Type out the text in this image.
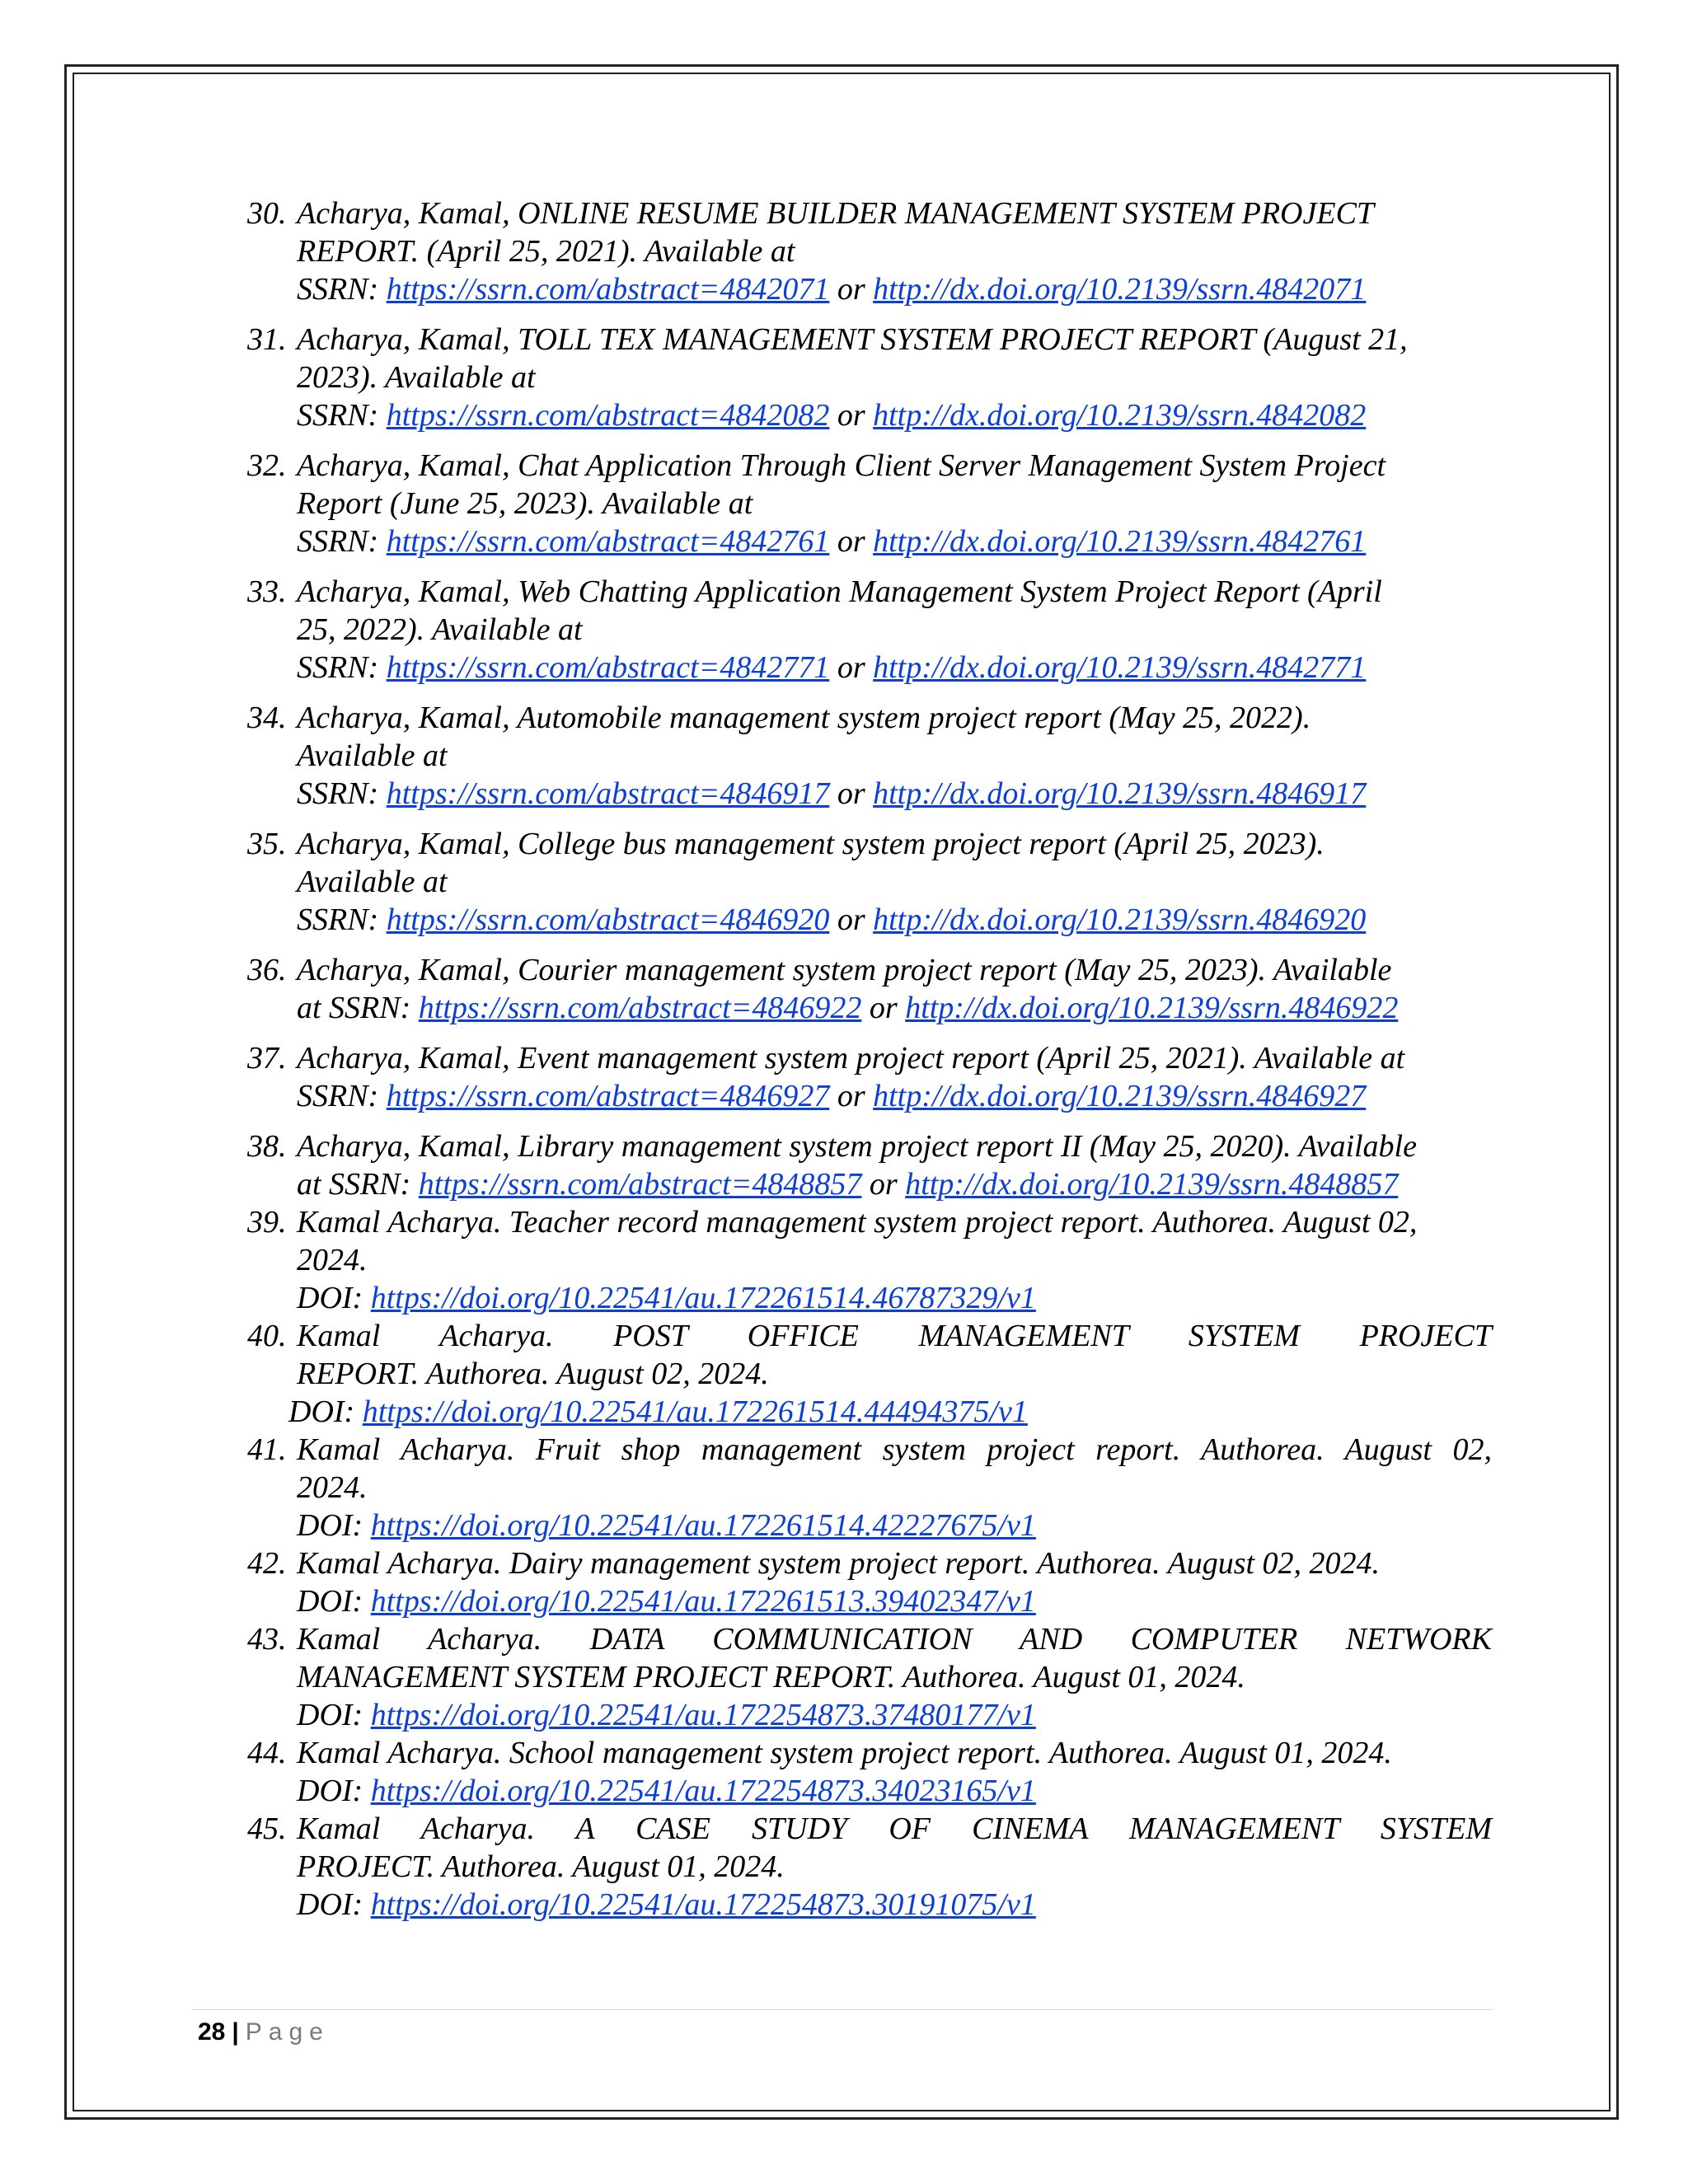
30. Acharya, Kamal, ONLINE RESUME BUILDER MANAGEMENT SYSTEM PROJECT
REPORT. (April 25, 2021). Available at
SSRN: https://ssrn.com/abstract=4842071 or http://dx.doi.org/10.2139/ssrn.4842071
31. Acharya, Kamal, TOLL TEX MANAGEMENT SYSTEM PROJECT REPORT (August 21,
2023). Available at
SSRN: https://ssrn.com/abstract=4842082 or http://dx.doi.org/10.2139/ssrn.4842082
32. Acharya, Kamal, Chat Application Through Client Server Management System Project
Report (June 25, 2023). Available at
SSRN: https://ssrn.com/abstract=4842761 or http://dx.doi.org/10.2139/ssrn.4842761
33. Acharya, Kamal, Web Chatting Application Management System Project Report (April
25, 2022). Available at
SSRN: https://ssrn.com/abstract=4842771 or http://dx.doi.org/10.2139/ssrn.4842771
34. Acharya, Kamal, Automobile management system project report (May 25, 2022).
Available at
SSRN: https://ssrn.com/abstract=4846917 or http://dx.doi.org/10.2139/ssrn.4846917
35. Acharya, Kamal, College bus management system project report (April 25, 2023).
Available at
SSRN: https://ssrn.com/abstract=4846920 or http://dx.doi.org/10.2139/ssrn.4846920
36. Acharya, Kamal, Courier management system project report (May 25, 2023). Available
at SSRN: https://ssrn.com/abstract=4846922 or http://dx.doi.org/10.2139/ssrn.4846922
37. Acharya, Kamal, Event management system project report (April 25, 2021). Available at
SSRN: https://ssrn.com/abstract=4846927 or http://dx.doi.org/10.2139/ssrn.4846927
38. Acharya, Kamal, Library management system project report II (May 25, 2020). Available
at SSRN: https://ssrn.com/abstract=4848857 or http://dx.doi.org/10.2139/ssrn.4848857
39. Kamal Acharya. Teacher record management system project report. Authorea. August 02,
2024.
DOI: https://doi.org/10.22541/au.172261514.46787329/v1
40. Kamal Acharya. POST OFFICE MANAGEMENT SYSTEM PROJECT
REPORT. Authorea. August 02, 2024.
DOI: https://doi.org/10.22541/au.172261514.44494375/v1
41. Kamal Acharya. Fruit shop management system project report. Authorea. August 02,
2024.
DOI: https://doi.org/10.22541/au.172261514.42227675/v1
42. Kamal Acharya. Dairy management system project report. Authorea. August 02, 2024.
DOI: https://doi.org/10.22541/au.172261513.39402347/v1
43. Kamal Acharya. DATA COMMUNICATION AND COMPUTER NETWORK
MANAGEMENT SYSTEM PROJECT REPORT. Authorea. August 01, 2024.
DOI: https://doi.org/10.22541/au.172254873.37480177/v1
44. Kamal Acharya. School management system project report. Authorea. August 01, 2024.
DOI: https://doi.org/10.22541/au.172254873.34023165/v1
45. Kamal Acharya. A CASE STUDY OF CINEMA MANAGEMENT SYSTEM
PROJECT. Authorea. August 01, 2024.
DOI: https://doi.org/10.22541/au.172254873.30191075/v1
28 | Page
